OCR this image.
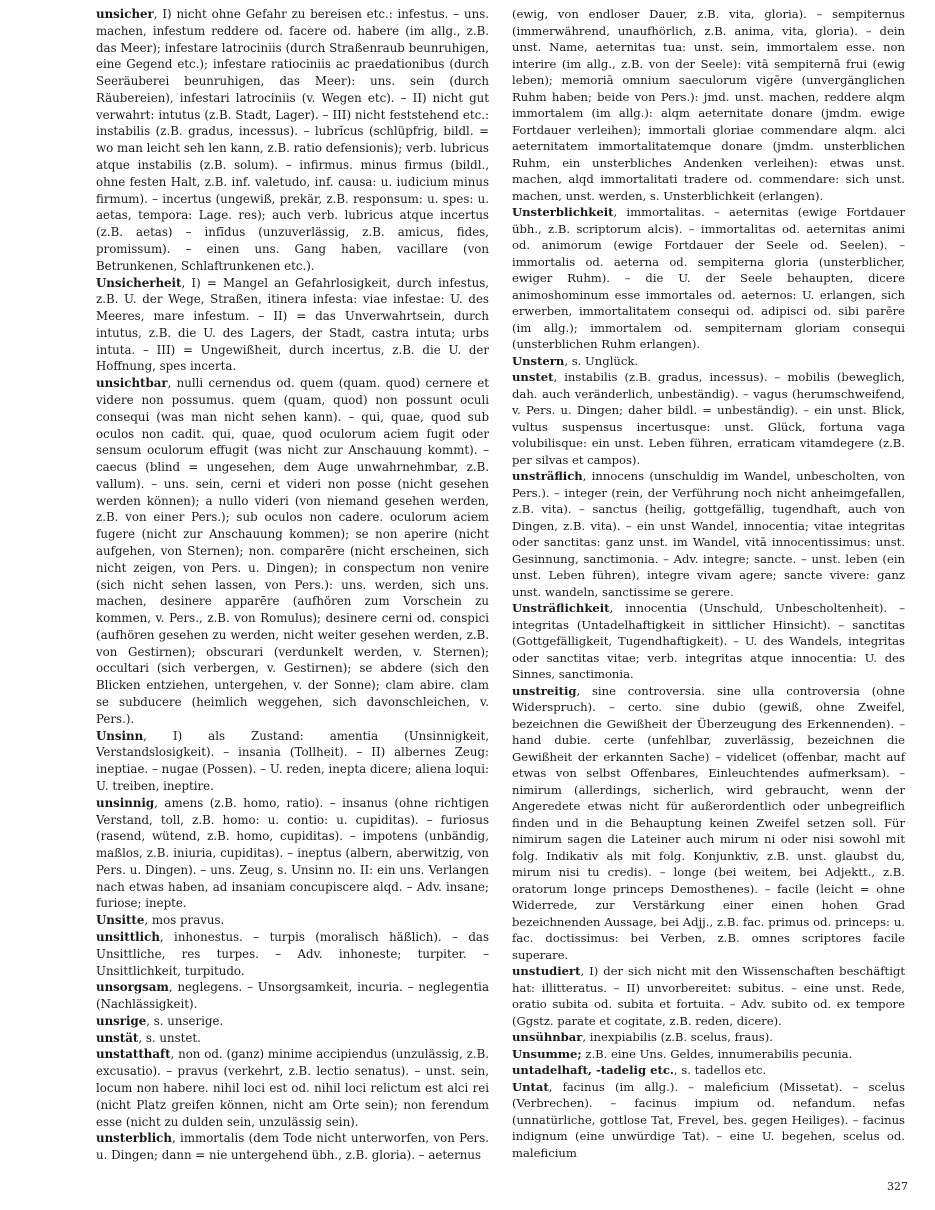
unsicher, I) nicht ohne Gefahr zu bereisen etc.: infestus. – uns. machen, infestum reddere od. facere od. habere (im allg., z.B. das Meer); infestare latrociniis (durch Straßenraub beunruhigen, eine Gegend etc.); infestare ratiociniis ac praedationibus (durch Seeräuberei beunruhigen, das Meer): uns. sein (durch Räubereien), infestari latrociniis (v. Wegen etc). – II) nicht gut verwahrt: intutus (z.B. Stadt, Lager). – III) nicht feststehend etc.: instabilis (z.B. gradus, incessus). – lubrĭcus (schlüpfrig, bildl. = wo man leicht seh len kann, z.B. ratio defensionis); verb. lubricus atque instabilis (z.B. solum). – infirmus. minus firmus (bildl., ohne festen Halt, z.B. inf. valetudo, inf. causa: u. iudicium minus firmum). – incertus (ungewiß, prekär, z.B. responsum: u. spes: u. aetas, tempora: Lage. res); auch verb. lubricus atque incertus (z.B. aetas) – infīdus (unzuverlässig, z.B. amicus, fides, promissum). – einen uns. Gang haben, vacillare (von Betrunkenen, Schlaftrunkenen etc.).

Unsicherheit, I) = Mangel an Gefahrlosigkeit, durch infestus, z.B. U. der Wege, Straßen, itinera infesta: viae infestae: U. des Meeres, mare infestum. – II) = das Unverwahrtsein, durch intutus, z.B. die U. des Lagers, der Stadt, castra intuta; urbs intuta. – III) = Ungewißheit, durch incertus, z.B. die U. der Hoffnung, spes incerta.

unsichtbar, nulli cernendus od. quem (quam. quod) cernere et videre non possumus. quem (quam, quod) non possunt oculi consequi (was man nicht sehen kann). – qui, quae, quod sub oculos non cadit. qui, quae, quod oculorum aciem fugit oder sensum oculorum effugit (was nicht zur Anschauung kommt). – caecus (blind = ungesehen, dem Auge unwahrnehmbar, z.B. vallum). – uns. sein, cerni et videri non posse (nicht gesehen werden können); a nullo videri (von niemand gesehen werden, z.B. von einer Pers.); sub oculos non cadere. oculorum aciem fugere (nicht zur Anschauung kommen); se non aperire (nicht aufgehen, von Sternen); non. comparēre (nicht erscheinen, sich nicht zeigen, von Pers. u. Dingen); in conspectum non venire (sich nicht sehen lassen, von Pers.): uns. werden, sich uns. machen, desinere apparēre (aufhören zum Vorschein zu kommen, v. Pers., z.B. von Romulus); desinere cerni od. conspici (aufhören gesehen zu werden, nicht weiter gesehen werden, z.B. von Gestirnen); obscurari (verdunkelt werden, v. Sternen); occultari (sich verbergen, v. Gestirnen); se abdere (sich den Blicken entziehen, untergehen, v. der Sonne); clam abire. clam se subducere (heimlich weggehen, sich davonschleichen, v. Pers.).

Unsinn, I) als Zustand: amentia (Unsinnigkeit, Verstandslosigkeit). – insania (Tollheit). – II) albernes Zeug: ineptiae. – nugae (Possen). – U. reden, inepta dicere; aliena loqui: U. treiben, ineptire.

unsinnig, amens (z.B. homo, ratio). – insanus (ohne richtigen Verstand, toll, z.B. homo: u. contio: u. cupiditas). – furiosus (rasend, wütend, z.B. homo, cupiditas). – impotens (unbändig, maßlos, z.B. iniuria, cupiditas). – ineptus (albern, aberwitzig, von Pers. u. Dingen). – uns. Zeug, s. Unsinn no. II: ein uns. Verlangen nach etwas haben, ad insaniam concupiscere alqd. – Adv. insane; furiose; inepte.

Unsitte, mos pravus.

unsittlich, inhonestus. – turpis (moralisch häßlich). – das Unsittliche, res turpes. – Adv. inhoneste; turpiter. – Unsittlichkeit, turpitudo.

unsorgsam, neglegens. – Unsorgsamkeit, incuria. – neglegentia (Nachlässigkeit).

unsrige, s. unserige.

unstät, s. unstet.

unstatthaft, non od. (ganz) minime accipiendus (unzulässig, z.B. excusatio). – pravus (verkehrt, z.B. lectio senatus). – unst. sein, locum non habere. nihil loci est od. nihil loci relictum est alci rei (nicht Platz greifen können, nicht am Orte sein); non ferendum esse (nicht zu dulden sein, unzulässig sein).

unsterblich, immortalis (dem Tode nicht unterworfen, von Pers. u. Dingen; dann = nie untergehend übh., z.B. gloria). – aeternus

(ewig, von endloser Dauer, z.B. vita, gloria). – sempiternus (immerwährend, unaufhörlich, z.B. anima, vita, gloria). – dein unst. Name, aeternitas tua: unst. sein, immortalem esse. non interire (im allg., z.B. von der Seele): vitā sempiternā frui (ewig leben); memoriā omnium saeculorum vigēre (unvergänglichen Ruhm haben; beide von Pers.): jmd. unst. machen, reddere alqm immortalem (im allg.): alqm aeternitate donare (jmdm. ewige Fortdauer verleihen); immortali gloriae commendare alqm. alci aeternitatem immortalitatemque donare (jmdm. unsterblichen Ruhm, ein unsterbliches Andenken verleihen): etwas unst. machen, alqd immortalitati tradere od. commendare: sich unst. machen, unst. werden, s. Unsterblichkeit (erlangen).

Unsterblichkeit, immortalitas. – aeternitas (ewige Fortdauer übh., z.B. scriptorum alcis). – immortalitas od. aeternitas animi od. animorum (ewige Fortdauer der Seele od. Seelen). – immortalis od. aeterna od. sempiterna gloria (unsterblicher, ewiger Ruhm). – die U. der Seele behaupten, dicere animoshominum esse immortales od. aeternos: U. erlangen, sich erwerben, immortalitatem consequi od. adipisci od. sibi parēre (im allg.); immortalem od. sempiternam gloriam consequi (unsterblichen Ruhm erlangen).

Unstern, s. Unglück.

unstet, instabilis (z.B. gradus, incessus). – mobilis (beweglich, dah. auch veränderlich, unbeständig). – vagus (herumschweifend, v. Pers. u. Dingen; daher bildl. = unbeständig). – ein unst. Blick, vultus suspensus incertusque: unst. Glück, fortuna vaga volubilisque: ein unst. Leben führen, erraticam vitamdegere (z.B. per silvas et campos).

unsträflich, innocens (unschuldig im Wandel, unbescholten, von Pers.). – integer (rein, der Verführung noch nicht anheimgefallen, z.B. vita). – sanctus (heilig, gottgefällig, tugendhaft, auch von Dingen, z.B. vita). – ein unst Wandel, innocentia; vitae integritas oder sanctitas: ganz unst. im Wandel, vitā innocentissimus: unst. Gesinnung, sanctimonia. – Adv. integre; sancte. – unst. leben (ein unst. Leben führen), integre vivam agere; sancte vivere: ganz unst. wandeln, sanctissime se gerere.

Unsträflichkeit, innocentia (Unschuld, Unbescholtenheit). – integritas (Untadelhaftigkeit in sittlicher Hinsicht). – sanctitas (Gottgefälligkeit, Tugendhaftigkeit). – U. des Wandels, integritas oder sanctitas vitae; verb. integritas atque innocentia: U. des Sinnes, sanctimonia.

unstreitig, sine controversia. sine ulla controversia (ohne Widerspruch). – certo. sine dubio (gewiß, ohne Zweifel, bezeichnen die Gewißheit der Überzeugung des Erkennenden). – hand dubie. certe (unfehlbar, zuverlässig, bezeichnen die Gewißheit der erkannten Sache) – videlicet (offenbar, macht auf etwas von selbst Offenbares, Einleuchtendes aufmerksam). – nimirum (allerdings, sicherlich, wird gebraucht, wenn der Angeredete etwas nicht für außerordentlich oder unbegreiflich finden und in die Behauptung keinen Zweifel setzen soll. Für nimirum sagen die Lateiner auch mirum ni oder nisi sowohl mit folg. Indikativ als mit folg. Konjunktiv, z.B. unst. glaubst du, mirum nisi tu credis). – longe (bei weitem, bei Adjektt., z.B. oratorum longe princeps Demosthenes). – facile (leicht = ohne Widerrede, zur Verstärkung einer einen hohen Grad bezeichnenden Aussage, bei Adjj., z.B. fac. primus od. princeps: u. fac. doctissimus: bei Verben, z.B. omnes scriptores facile superare.

unstudiert, I) der sich nicht mit den Wissenschaften beschäftigt hat: illitteratus. – II) unvorbereitet: subitus. – eine unst. Rede, oratio subita od. subita et fortuita. – Adv. subito od. ex tempore (Ggstz. parate et cogitate, z.B. reden, dicere).

unsühnbar, inexpiabilis (z.B. scelus, fraus).

Unsumme; z.B. eine Uns. Geldes, innumerabilis pecunia.

untadelhaft, -tadelig etc., s. tadellos etc.

Untat, facinus (im allg.). – maleficium (Missetat). – scelus (Verbrechen). – facinus impium od. nefandum. nefas (unnatürliche, gottlose Tat, Frevel, bes. gegen Heiliges). – facinus indignum (eine unwürdige Tat). – eine U. begehen, scelus od. maleficium

327
